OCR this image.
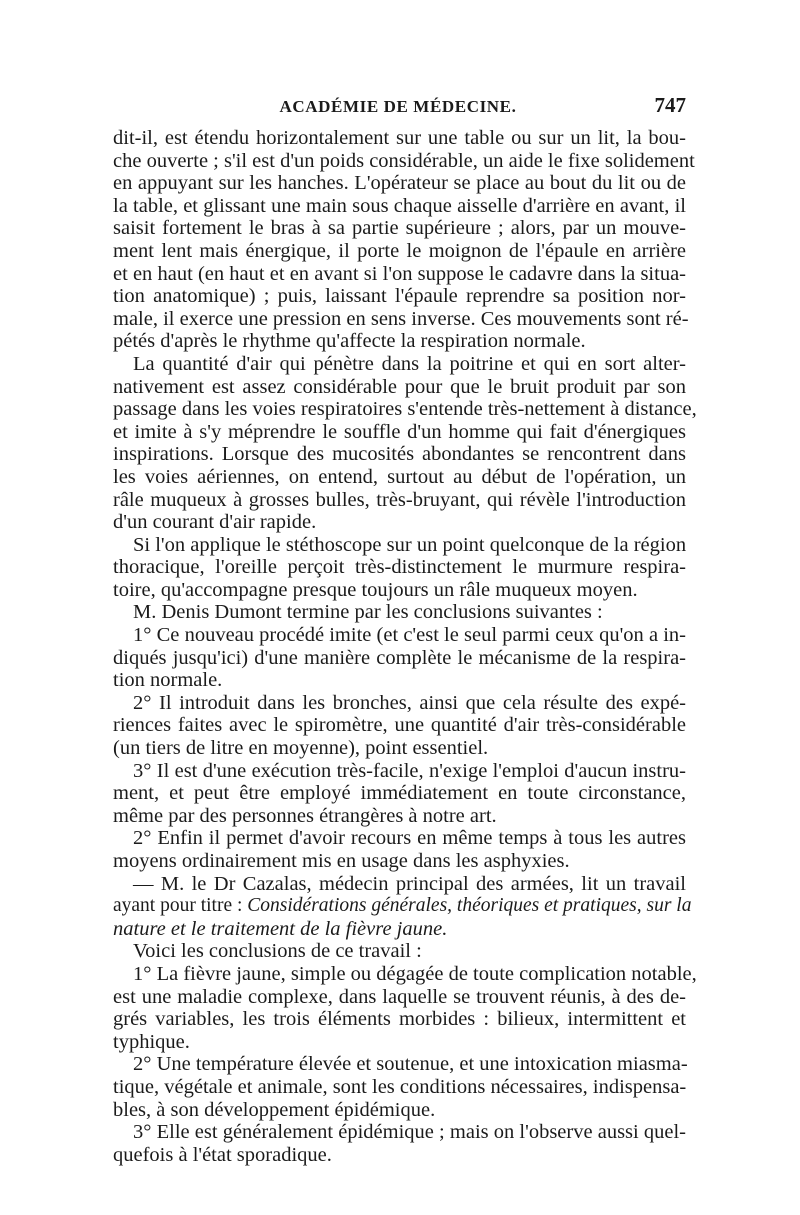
ACADÉMIE DE MÉDECINE.	747
dit-il, est étendu horizontalement sur une table ou sur un lit, la bou-
che ouverte ; s'il est d'un poids considérable, un aide le fixe solidement
en appuyant sur les hanches. L'opérateur se place au bout du lit ou de
la table, et glissant une main sous chaque aisselle d'arrière en avant, il
saisit fortement le bras à sa partie supérieure ; alors, par un mouve-
ment lent mais énergique, il porte le moignon de l'épaule en arrière
et en haut (en haut et en avant si l'on suppose le cadavre dans la situa-
tion anatomique) ; puis, laissant l'épaule reprendre sa position nor-
male, il exerce une pression en sens inverse. Ces mouvements sont ré-
pétés d'après le rhythme qu'affecte la respiration normale.
La quantité d'air qui pénètre dans la poitrine et qui en sort alter-
nativement est assez considérable pour que le bruit produit par son
passage dans les voies respiratoires s'entende très-nettement à distance,
et imite à s'y méprendre le souffle d'un homme qui fait d'énergiques
inspirations. Lorsque des mucosités abondantes se rencontrent dans
les voies aériennes, on entend, surtout au début de l'opération, un
râle muqueux à grosses bulles, très-bruyant, qui révèle l'introduction
d'un courant d'air rapide.
Si l'on applique le stéthoscope sur un point quelconque de la région
thoracique, l'oreille perçoit très-distinctement le murmure respira-
toire, qu'accompagne presque toujours un râle muqueux moyen.
M. Denis Dumont termine par les conclusions suivantes :
1° Ce nouveau procédé imite (et c'est le seul parmi ceux qu'on a in-
diqués jusqu'ici) d'une manière complète le mécanisme de la respira-
tion normale.
2° Il introduit dans les bronches, ainsi que cela résulte des expé-
riences faites avec le spiromètre, une quantité d'air très-considérable
(un tiers de litre en moyenne), point essentiel.
3° Il est d'une exécution très-facile, n'exige l'emploi d'aucun instru-
ment, et peut être employé immédiatement en toute circonstance,
même par des personnes étrangères à notre art.
2° Enfin il permet d'avoir recours en même temps à tous les autres
moyens ordinairement mis en usage dans les asphyxies.
— M. le Dr Cazalas, médecin principal des armées, lit un travail
ayant pour titre : Considérations générales, théoriques et pratiques, sur la
nature et le traitement de la fièvre jaune.
Voici les conclusions de ce travail :
1° La fièvre jaune, simple ou dégagée de toute complication notable,
est une maladie complexe, dans laquelle se trouvent réunis, à des de-
grés variables, les trois éléments morbides : bilieux, intermittent et
typhique.
2° Une température élevée et soutenue, et une intoxication miasma-
tique, végétale et animale, sont les conditions nécessaires, indispensa-
bles, à son développement épidémique.
3° Elle est généralement épidémique ; mais on l'observe aussi quel-
quefois à l'état sporadique.
